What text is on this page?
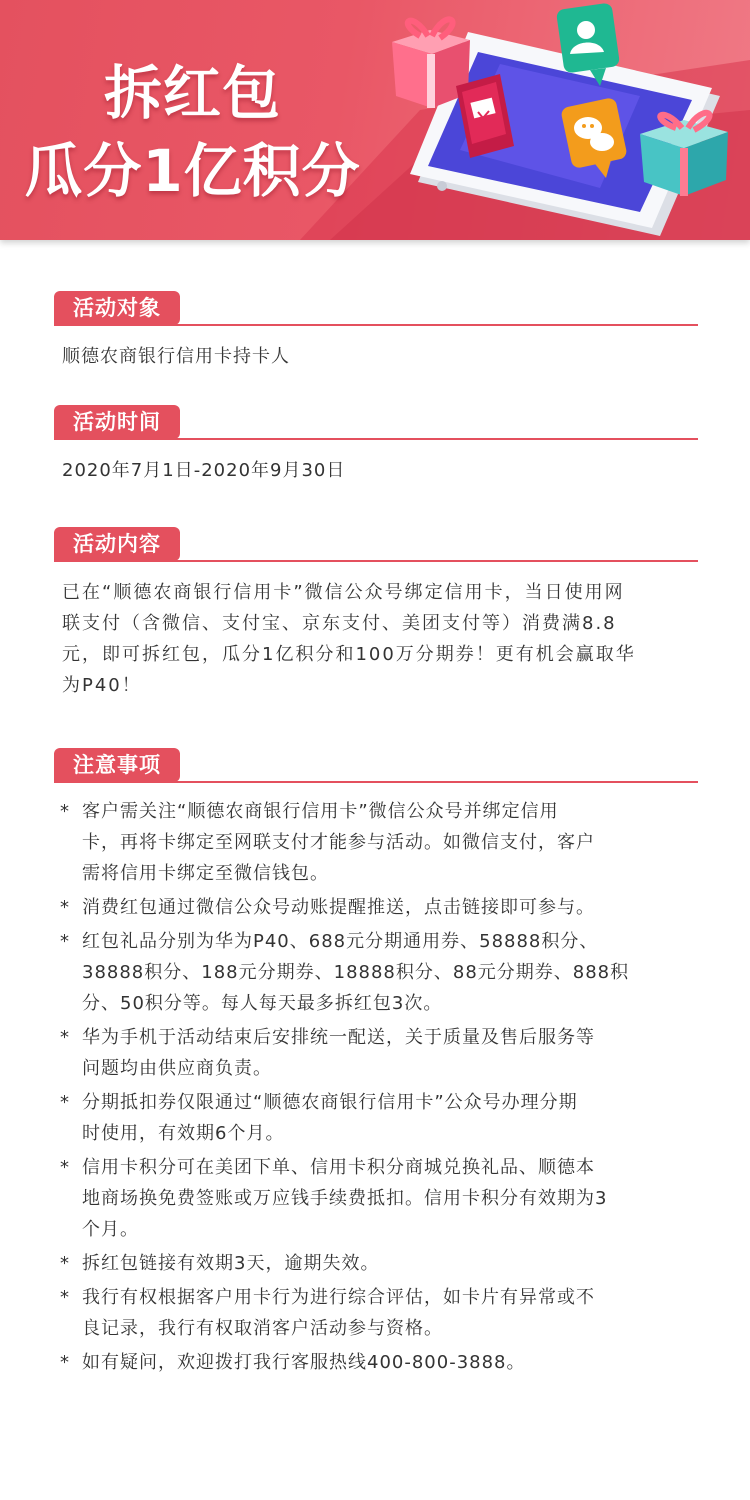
拆红包
瓜分1亿积分
活动对象
顺德农商银行信用卡持卡人
活动时间
2020年7月1日-2020年9月30日
活动内容
已在“顺德农商银行信用卡”微信公众号绑定信用卡，当日使用网
联支付（含微信、支付宝、京东支付、美团支付等）消费满8.8
元，即可拆红包，瓜分1亿积分和100万分期券！更有机会赢取华
为P40！
注意事项
* 客户需关注“顺德农商银行信用卡”微信公众号并绑定信用
卡，再将卡绑定至网联支付才能参与活动。如微信支付，客户
需将信用卡绑定至微信钱包。
* 消费红包通过微信公众号动账提醒推送，点击链接即可参与。
* 红包礼品分别为华为P40、688元分期通用券、58888积分、
38888积分、188元分期券、18888积分、88元分期券、888积
分、50积分等。每人每天最多拆红包3次。
* 华为手机于活动结束后安排统一配送，关于质量及售后服务等
问题均由供应商负责。
* 分期抵扣券仅限通过“顺德农商银行信用卡”公众号办理分期
时使用，有效期6个月。
* 信用卡积分可在美团下单、信用卡积分商城兑换礼品、顺德本
地商场换免费签账或万应钱手续费抵扣。信用卡积分有效期为3
个月。
* 拆红包链接有效期3天，逾期失效。
* 我行有权根据客户用卡行为进行综合评估，如卡片有异常或不
良记录，我行有权取消客户活动参与资格。
* 如有疑问，欢迎拨打我行客服热线400-800-3888。
